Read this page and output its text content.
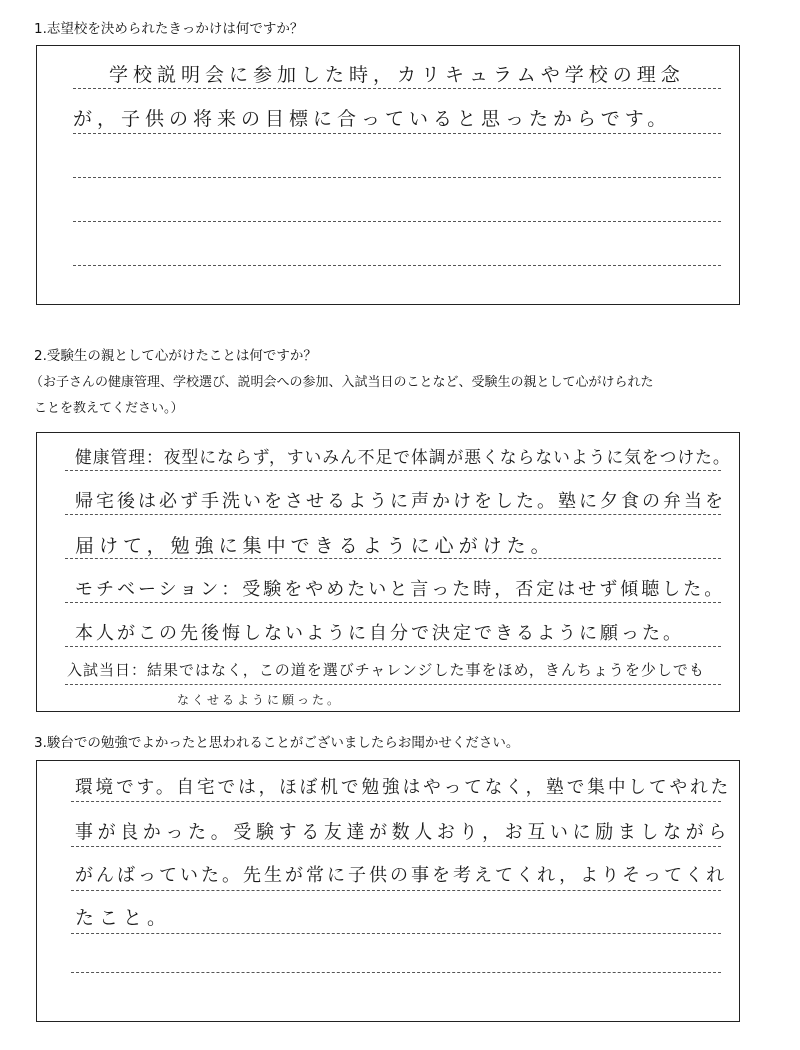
1.志望校を決められたきっかけは何ですか？
学校説明会に参加した時，カリキュラムや学校の理念
が，子供の将来の目標に合っていると思ったからです。
2.受験生の親として心がけたことは何ですか？
（お子さんの健康管理、学校選び、説明会への参加、入試当日のことなど、受験生の親として心がけられた
ことを教えてください。）
健康管理：夜型にならず，すいみん不足で体調が悪くならないように気をつけた。
帰宅後は必ず手洗いをさせるように声かけをした。塾に夕食の弁当を
届けて，勉強に集中できるように心がけた。
モチベーション：受験をやめたいと言った時，否定はせず傾聴した。
本人がこの先後悔しないように自分で決定できるように願った。
入試当日：結果ではなく，この道を選びチャレンジした事をほめ，きんちょうを少しでも
なくせるように願った。
3.駿台での勉強でよかったと思われることがございましたらお聞かせください。
環境です。自宅では，ほぼ机で勉強はやってなく，塾で集中してやれた
事が良かった。受験する友達が数人おり，お互いに励ましながら
がんばっていた。先生が常に子供の事を考えてくれ，よりそってくれ
たこと。
